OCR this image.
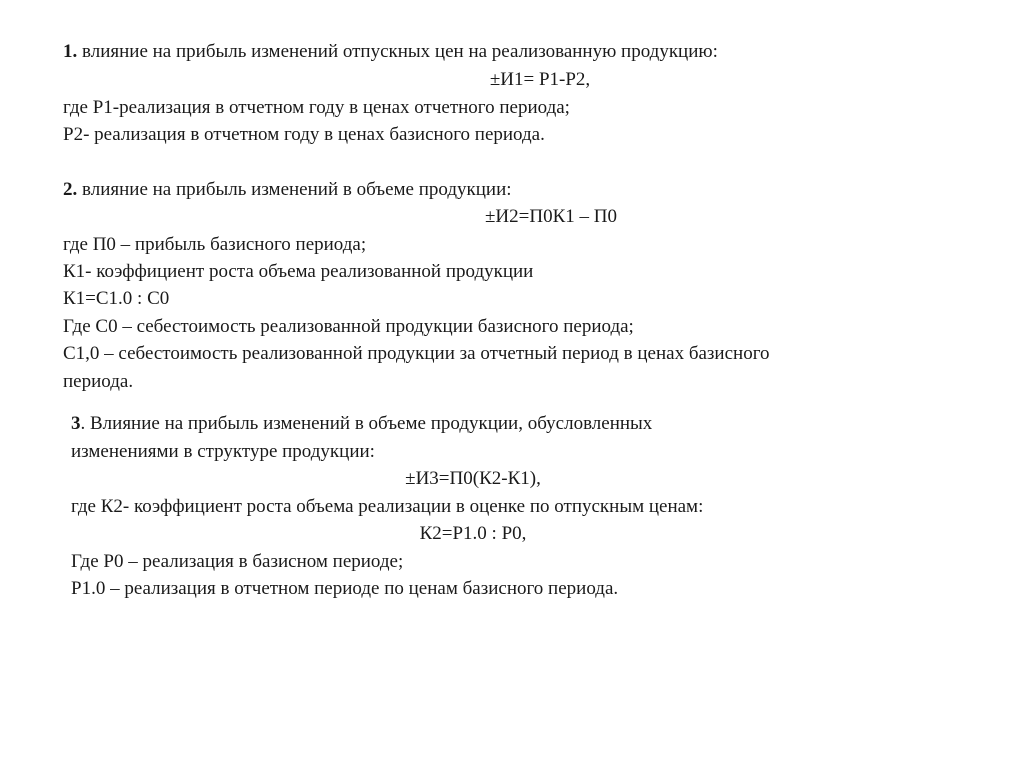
1. влияние на прибыль изменений отпускных цен на реализованную продукцию:
±И1= Р1-Р2,
где Р1-реализация в отчетном году в ценах отчетного периода;
Р2- реализация в отчетном году в ценах базисного периода.
2. влияние на прибыль изменений в объеме продукции:
±И2=П0К1 – П0
где П0 – прибыль базисного периода;
К1- коэффициент роста объема реализованной продукции
К1=С1.0 : С0
Где С0 – себестоимость реализованной продукции базисного периода;
С1,0 – себестоимость реализованной продукции за отчетный период в ценах базисного
периода.
3. Влияние на прибыль изменений в объеме продукции, обусловленных
изменениями в структуре продукции:
±И3=П0(К2-К1),
где К2- коэффициент роста объема реализации в оценке по отпускным ценам:
К2=Р1.0 : Р0,
Где Р0 – реализация в базисном периоде;
Р1.0 – реализация в отчетном периоде по ценам базисного периода.
